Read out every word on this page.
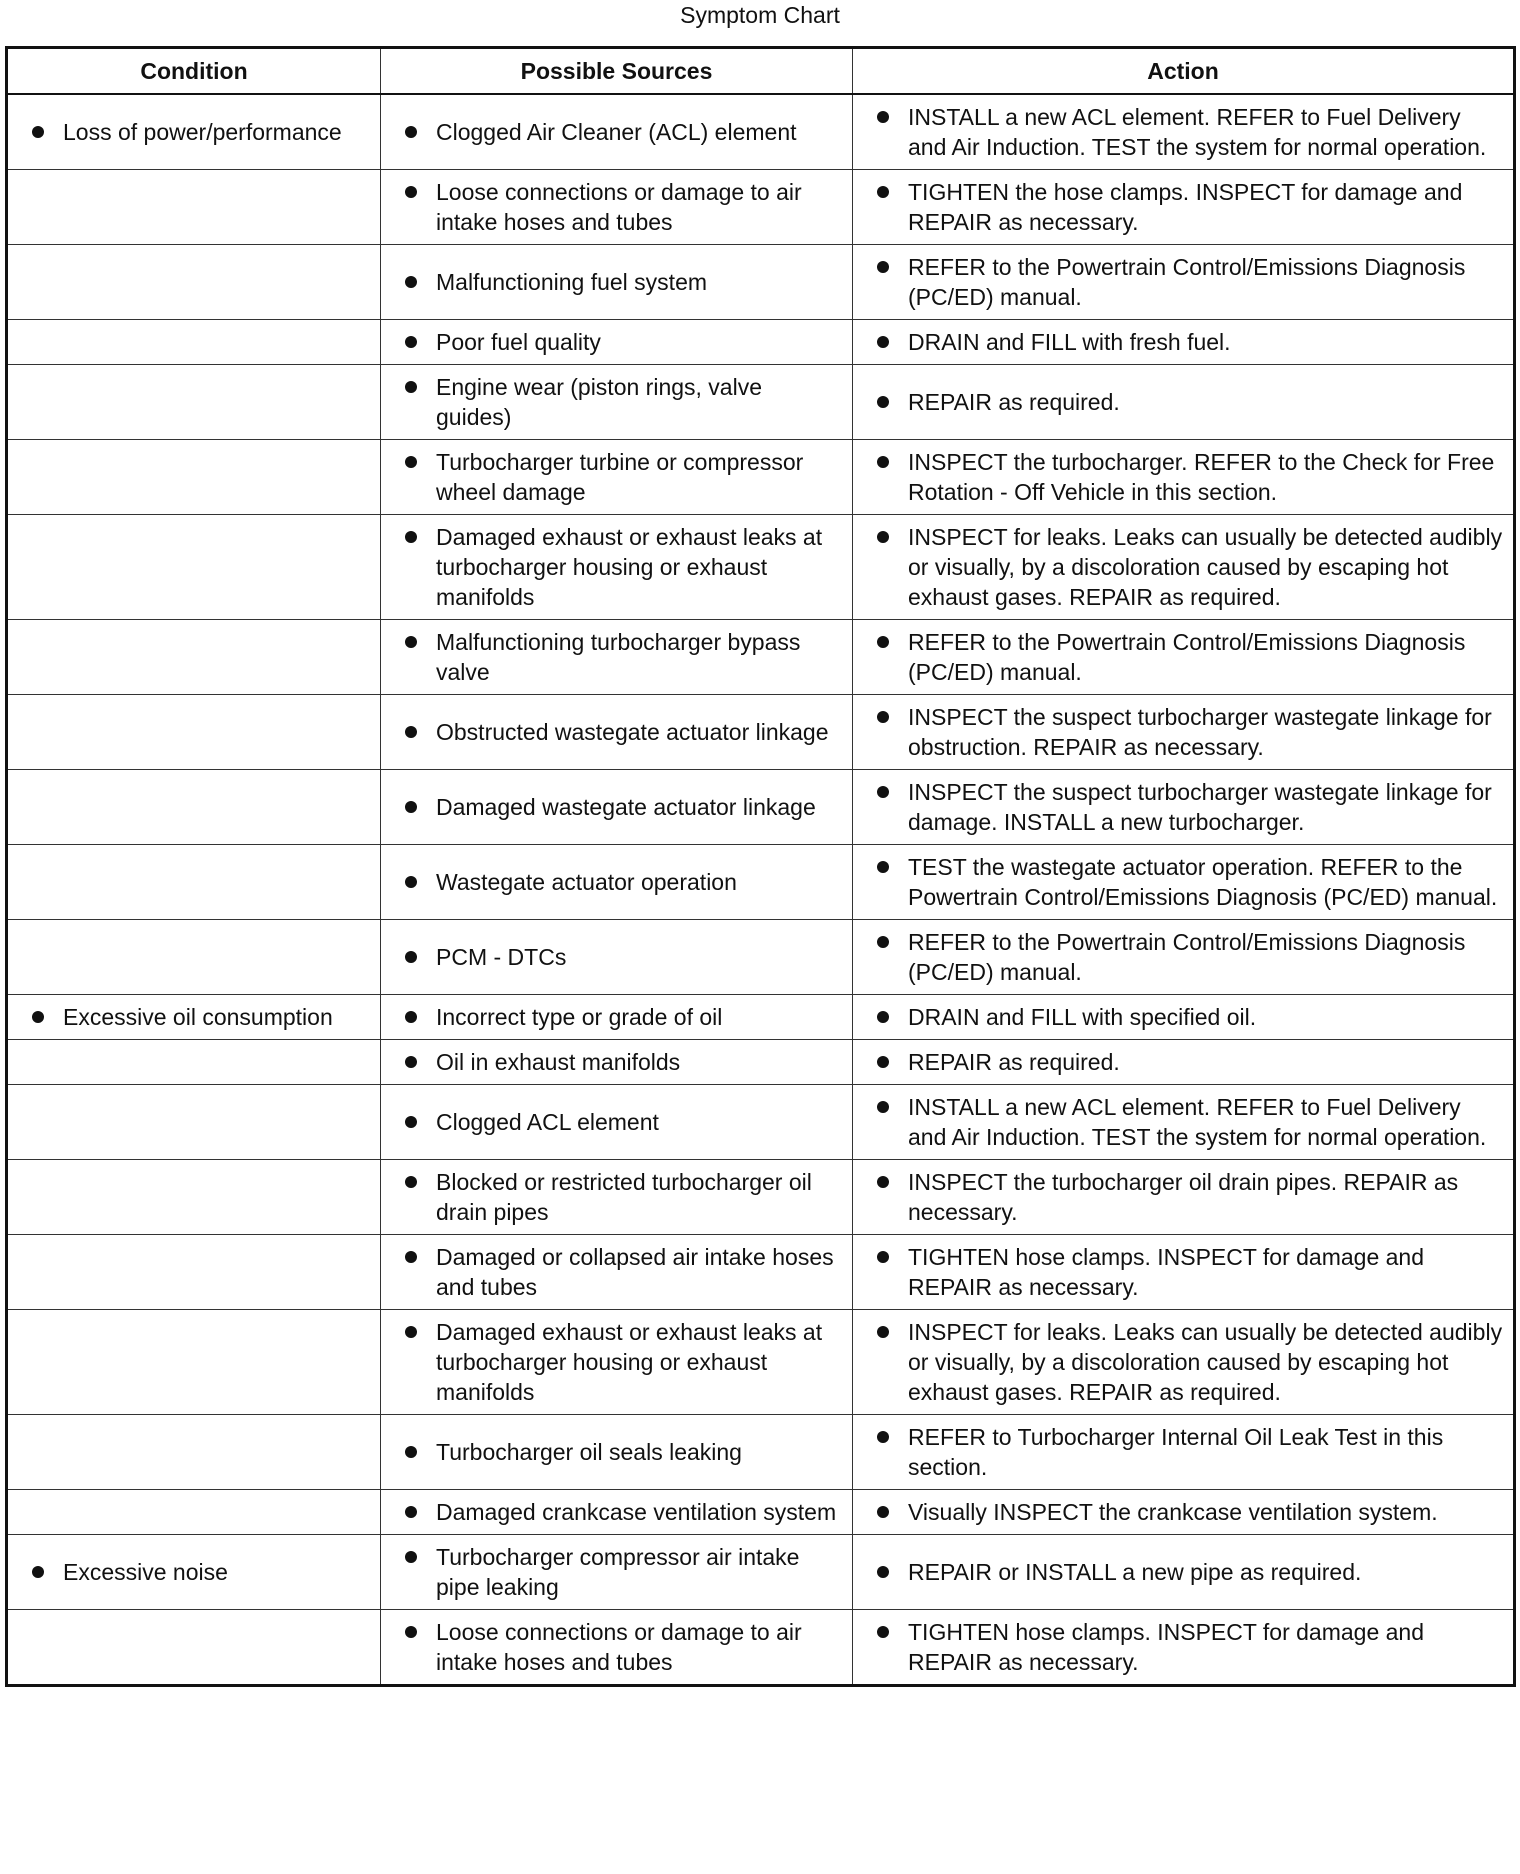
Symptom Chart
Condition	Possible Sources	Action

Loss of power/performance	Clogged Air Cleaner (ACL) element	INSTALL a new ACL element. REFER to Fuel Delivery and Air Induction. TEST the system for normal operation.

	Loose connections or damage to air intake hoses and tubes	TIGHTEN the hose clamps. INSPECT for damage and REPAIR as necessary.

	Malfunctioning fuel system	REFER to the Powertrain Control/Emissions Diagnosis (PC/ED) manual.

	Poor fuel quality	DRAIN and FILL with fresh fuel.

	Engine wear (piston rings, valve guides)	REPAIR as required.

	Turbocharger turbine or compressor wheel damage	INSPECT the turbocharger. REFER to the Check for Free Rotation - Off Vehicle in this section.

	Damaged exhaust or exhaust leaks at turbocharger housing or exhaust manifolds	INSPECT for leaks. Leaks can usually be detected audibly or visually, by a discoloration caused by escaping hot exhaust gases. REPAIR as required.

	Malfunctioning turbocharger bypass valve	REFER to the Powertrain Control/Emissions Diagnosis (PC/ED) manual.

	Obstructed wastegate actuator linkage	INSPECT the suspect turbocharger wastegate linkage for obstruction. REPAIR as necessary.

	Damaged wastegate actuator linkage	INSPECT the suspect turbocharger wastegate linkage for damage. INSTALL a new turbocharger.

	Wastegate actuator operation	TEST the wastegate actuator operation. REFER to the Powertrain Control/Emissions Diagnosis (PC/ED) manual.

	PCM - DTCs	REFER to the Powertrain Control/Emissions Diagnosis (PC/ED) manual.

Excessive oil consumption	Incorrect type or grade of oil	DRAIN and FILL with specified oil.

	Oil in exhaust manifolds	REPAIR as required.

	Clogged ACL element	INSTALL a new ACL element. REFER to Fuel Delivery and Air Induction. TEST the system for normal operation.

	Blocked or restricted turbocharger oil drain pipes	INSPECT the turbocharger oil drain pipes. REPAIR as necessary.

	Damaged or collapsed air intake hoses and tubes	TIGHTEN hose clamps. INSPECT for damage and REPAIR as necessary.

	Damaged exhaust or exhaust leaks at turbocharger housing or exhaust manifolds	INSPECT for leaks. Leaks can usually be detected audibly or visually, by a discoloration caused by escaping hot exhaust gases. REPAIR as required.

	Turbocharger oil seals leaking	REFER to Turbocharger Internal Oil Leak Test in this section.

	Damaged crankcase ventilation system	Visually INSPECT the crankcase ventilation system.

Excessive noise	Turbocharger compressor air intake pipe leaking	REPAIR or INSTALL a new pipe as required.

	Loose connections or damage to air intake hoses and tubes	TIGHTEN hose clamps. INSPECT for damage and REPAIR as necessary.
